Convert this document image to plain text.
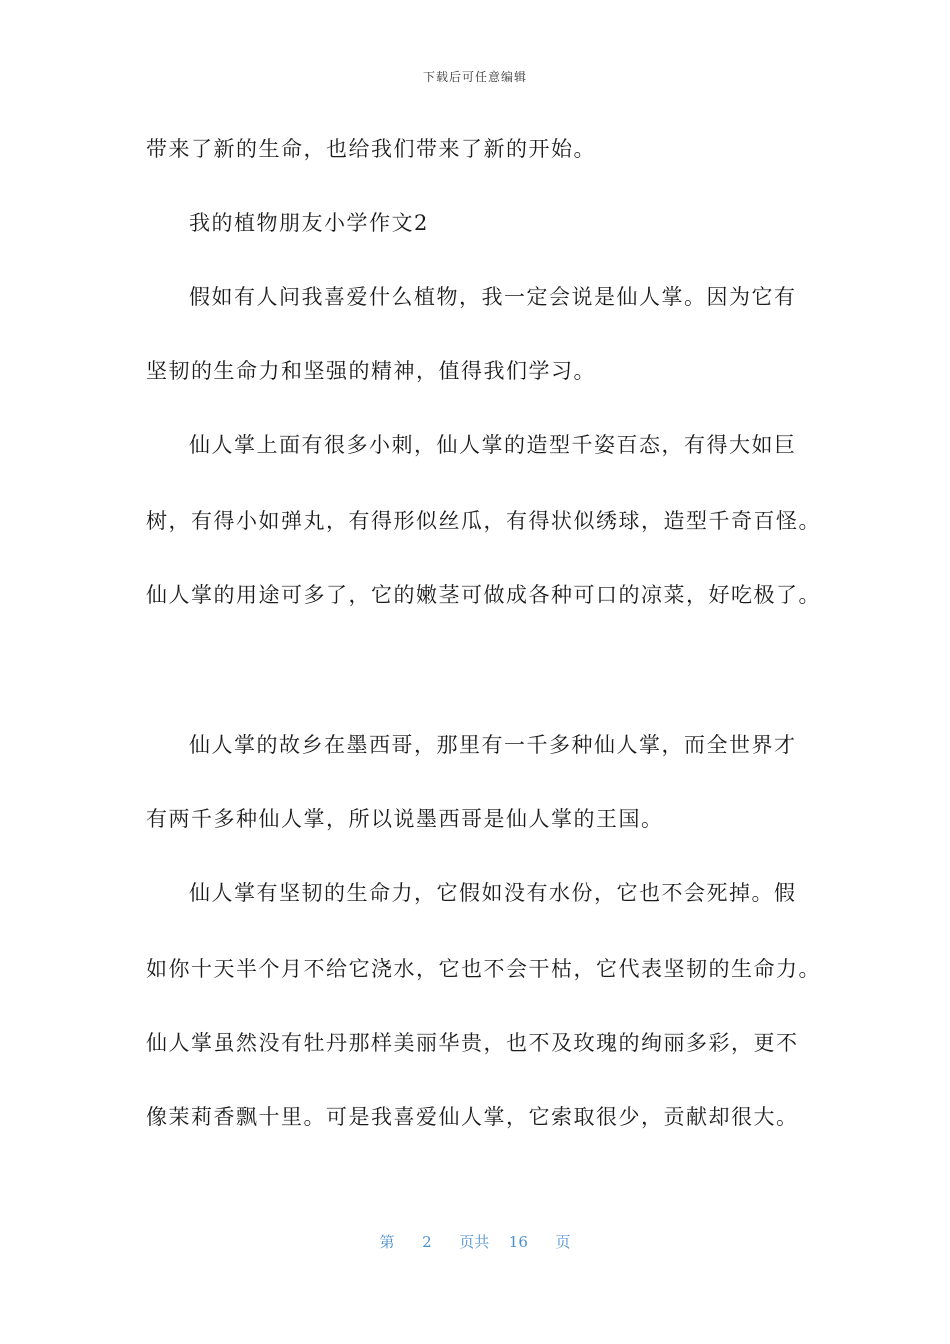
下载后可任意编辑
带来了新的生命，也给我们带来了新的开始。
我的植物朋友小学作文2
假如有人问我喜爱什么植物，我一定会说是仙人掌。因为它有
坚韧的生命力和坚强的精神，值得我们学习。
仙人掌上面有很多小刺，仙人掌的造型千姿百态，有得大如巨
树，有得小如弹丸，有得形似丝瓜，有得状似绣球，造型千奇百怪。
仙人掌的用途可多了，它的嫩茎可做成各种可口的凉菜，好吃极了。
仙人掌的故乡在墨西哥，那里有一千多种仙人掌，而全世界才
有两千多种仙人掌，所以说墨西哥是仙人掌的王国。
仙人掌有坚韧的生命力，它假如没有水份，它也不会死掉。假
如你十天半个月不给它浇水，它也不会干枯，它代表坚韧的生命力。
仙人掌虽然没有牡丹那样美丽华贵，也不及玫瑰的绚丽多彩，更不
像茉莉香飘十里。可是我喜爱仙人掌，它索取很少，贡献却很大。
第 2 页共 16 页
